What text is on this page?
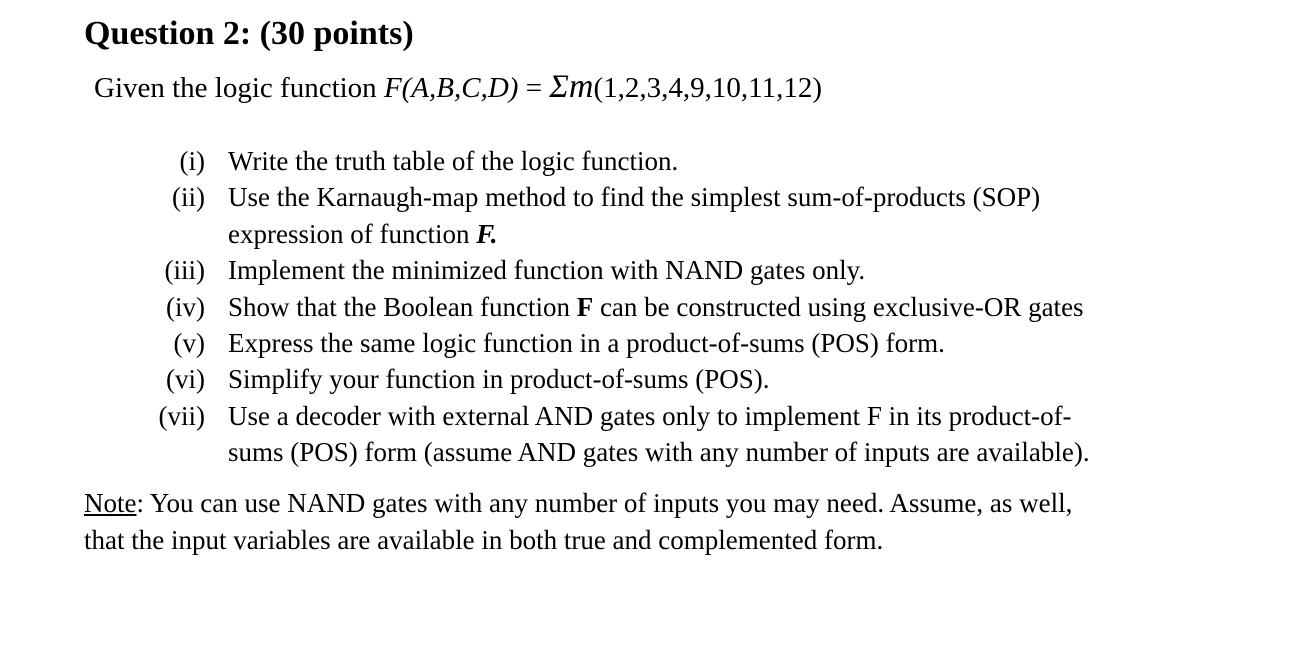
Question 2: (30 points)
Given the logic function F(A,B,C,D) = Σm(1,2,3,4,9,10,11,12)
(i) Write the truth table of the logic function.
(ii) Use the Karnaugh-map method to find the simplest sum-of-products (SOP)
expression of function F.
(iii) Implement the minimized function with NAND gates only.
(iv) Show that the Boolean function F can be constructed using exclusive-OR gates
(v) Express the same logic function in a product-of-sums (POS) form.
(vi) Simplify your function in product-of-sums (POS).
(vii) Use a decoder with external AND gates only to implement F in its product-of-
sums (POS) form (assume AND gates with any number of inputs are available).
Note: You can use NAND gates with any number of inputs you may need. Assume, as well,
that the input variables are available in both true and complemented form.
